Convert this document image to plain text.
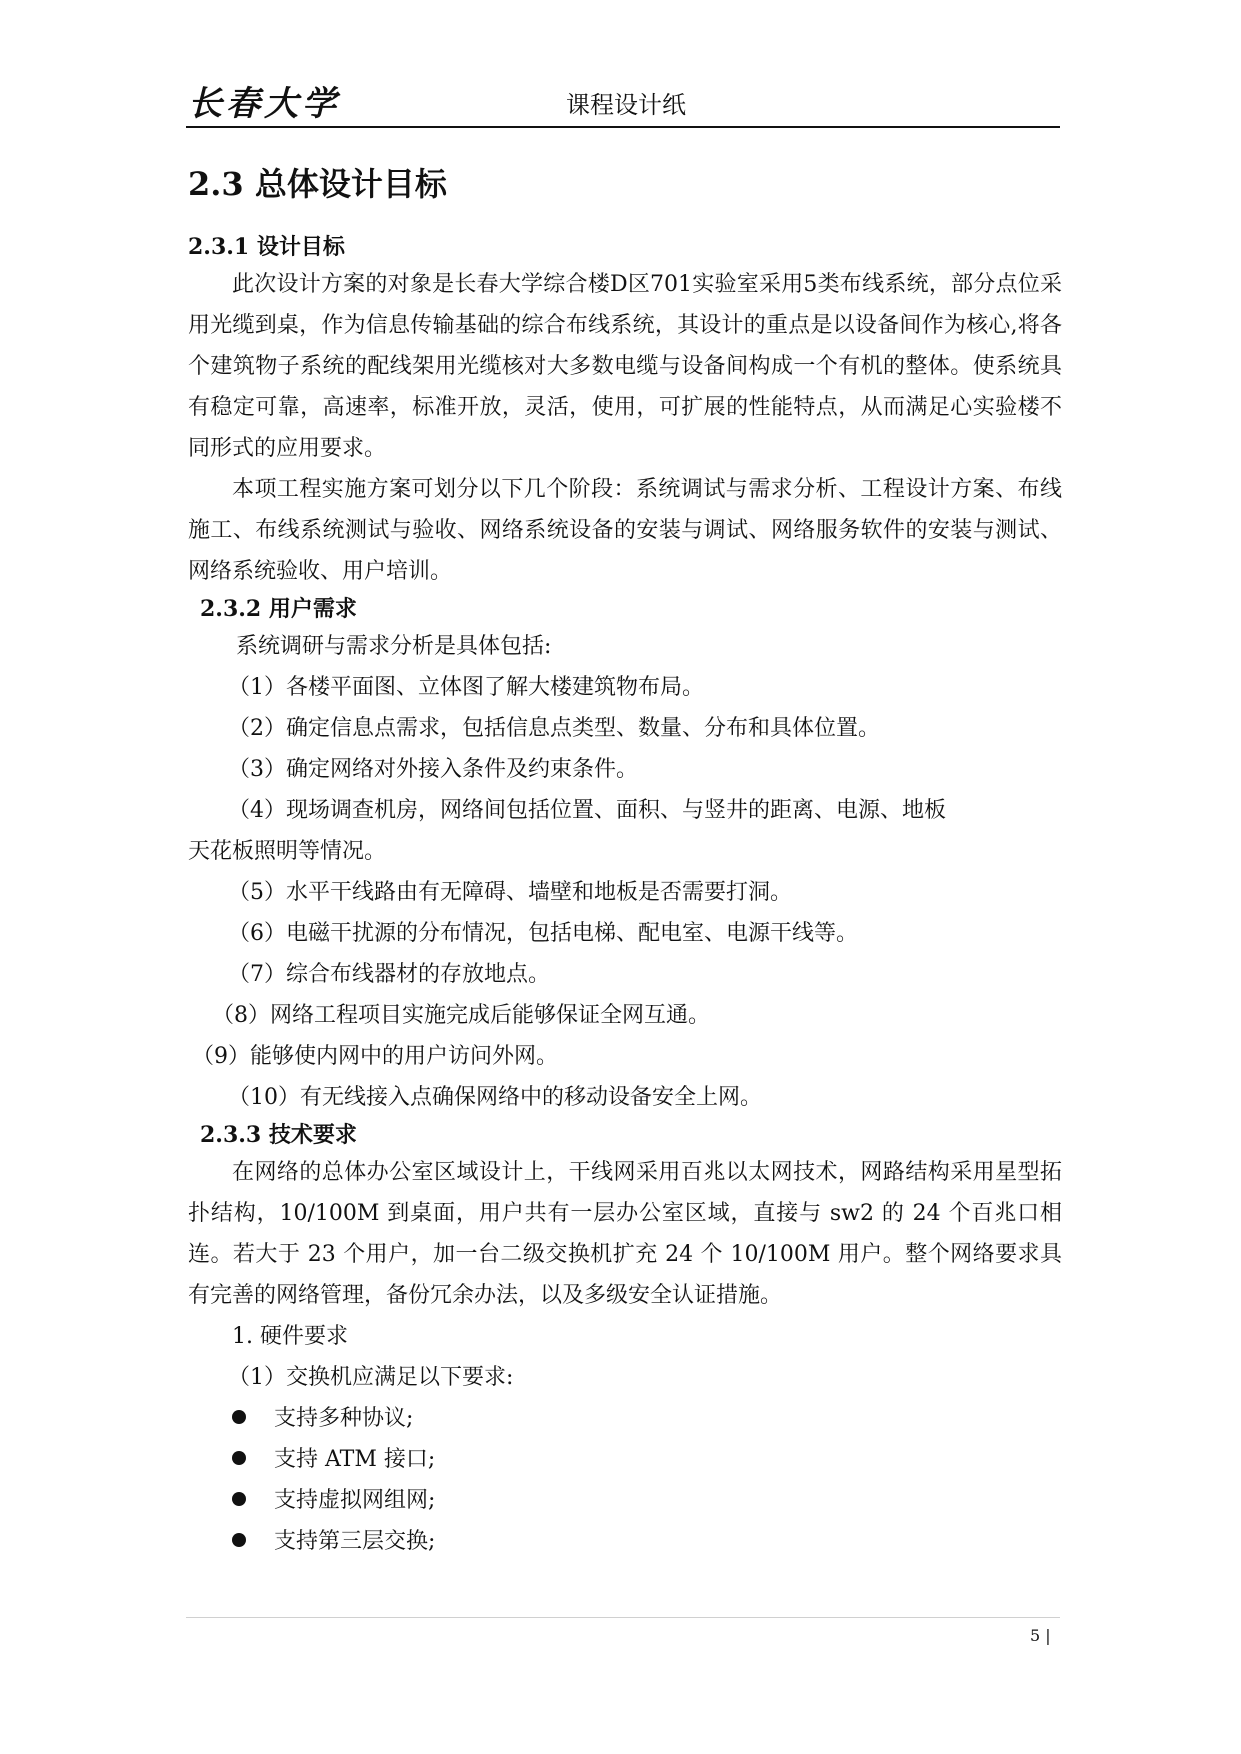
长春大学	课程设计纸
2.3 总体设计目标
2.3.1 设计目标

此次设计方案的对象是长春大学综合楼D区701实验室采用5类布线系统，部分点位采用光缆到桌，作为信息传输基础的综合布线系统，其设计的重点是以设备间作为核心,将各个建筑物子系统的配线架用光缆核对大多数电缆与设备间构成一个有机的整体。使系统具有稳定可靠，高速率，标准开放，灵活，使用，可扩展的性能特点，从而满足心实验楼不同形式的应用要求。

本项工程实施方案可划分以下几个阶段：系统调试与需求分析、工程设计方案、布线施工、布线系统测试与验收、网络系统设备的安装与调试、网络服务软件的安装与测试、网络系统验收、用户培训。

2.3.2 用户需求

系统调研与需求分析是具体包括:

（1）各楼平面图、立体图了解大楼建筑物布局。

（2）确定信息点需求，包括信息点类型、数量、分布和具体位置。

（3）确定网络对外接入条件及约束条件。

（4）现场调查机房，网络间包括位置、面积、与竖井的距离、电源、地板

天花板照明等情况。

（5）水平干线路由有无障碍、墙壁和地板是否需要打洞。

（6）电磁干扰源的分布情况，包括电梯、配电室、电源干线等。

（7）综合布线器材的存放地点。

（8）网络工程项目实施完成后能够保证全网互通。

（9）能够使内网中的用户访问外网。

（10）有无线接入点确保网络中的移动设备安全上网。

2.3.3 技术要求

在网络的总体办公室区域设计上，干线网采用百兆以太网技术，网路结构采用星型拓扑结构，10/100M 到桌面，用户共有一层办公室区域，直接与 sw2 的 24 个百兆口相连。若大于 23 个用户，加一台二级交换机扩充 24 个 10/100M 用户。整个网络要求具有完善的网络管理，备份冗余办法，以及多级安全认证措施。

1. 硬件要求

（1）交换机应满足以下要求:

支持多种协议;

支持 ATM 接口;

支持虚拟网组网;

支持第三层交换;

5 |
